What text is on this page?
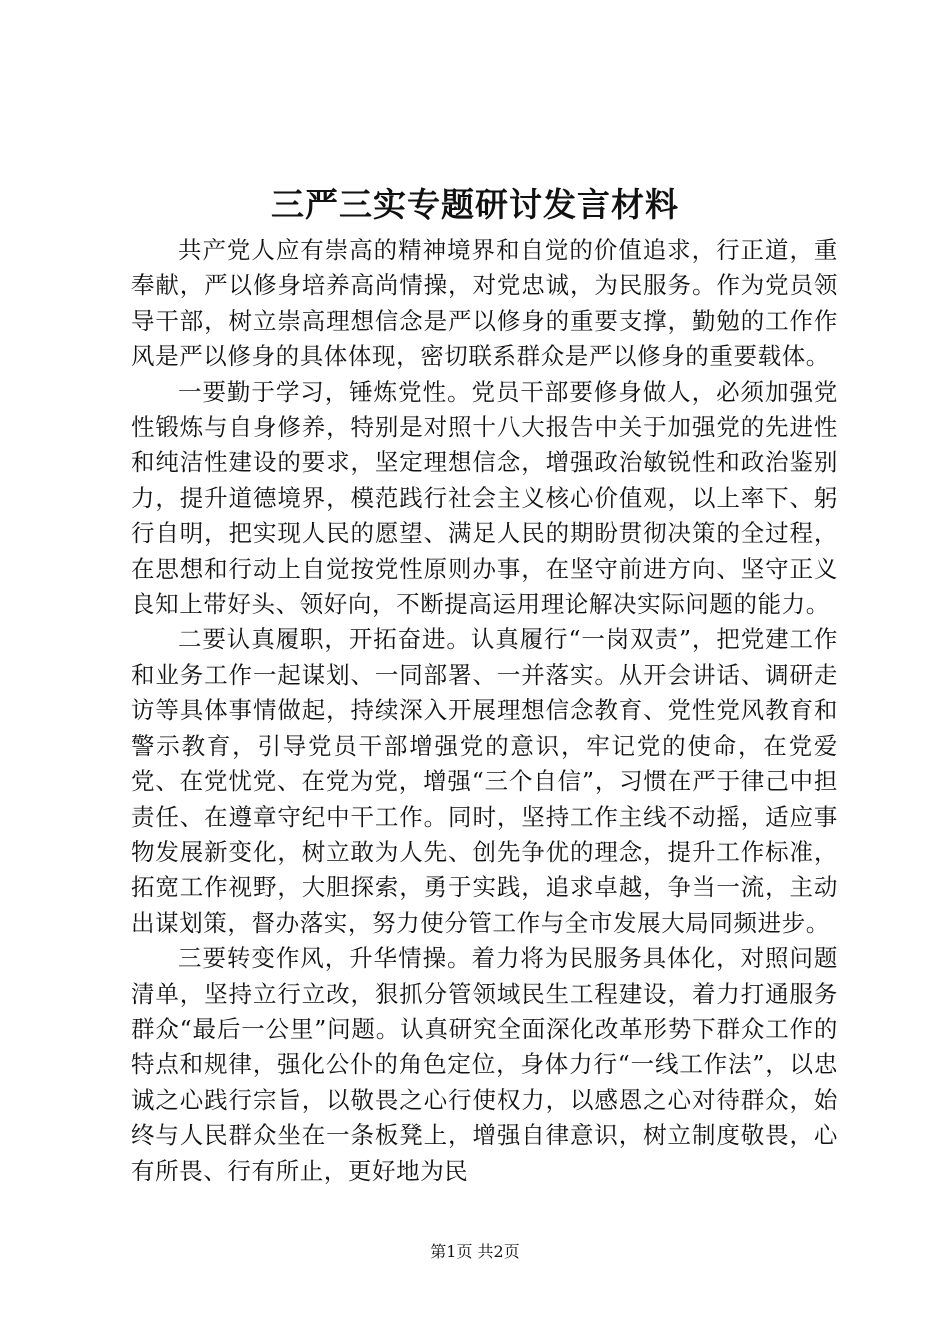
三严三实专题研讨发言材料

共产党人应有崇高的精神境界和自觉的价值追求，行正道，重奉献，严以修身培养高尚情操，对党忠诚，为民服务。作为党员领导干部，树立崇高理想信念是严以修身的重要支撑，勤勉的工作作风是严以修身的具体体现，密切联系群众是严以修身的重要载体。

一要勤于学习，锤炼党性。党员干部要修身做人，必须加强党性锻炼与自身修养，特别是对照十八大报告中关于加强党的先进性和纯洁性建设的要求，坚定理想信念，增强政治敏锐性和政治鉴别力，提升道德境界，模范践行社会主义核心价值观，以上率下、躬行自明，把实现人民的愿望、满足人民的期盼贯彻决策的全过程，在思想和行动上自觉按党性原则办事，在坚守前进方向、坚守正义良知上带好头、领好向，不断提高运用理论解决实际问题的能力。

二要认真履职，开拓奋进。认真履行“一岗双责”，把党建工作和业务工作一起谋划、一同部署、一并落实。从开会讲话、调研走访等具体事情做起，持续深入开展理想信念教育、党性党风教育和警示教育，引导党员干部增强党的意识，牢记党的使命，在党爱党、在党忧党、在党为党，增强“三个自信”，习惯在严于律己中担责任、在遵章守纪中干工作。同时，坚持工作主线不动摇，适应事物发展新变化，树立敢为人先、创先争优的理念，提升工作标准，拓宽工作视野，大胆探索，勇于实践，追求卓越，争当一流，主动出谋划策，督办落实，努力使分管工作与全市发展大局同频进步。

三要转变作风，升华情操。着力将为民服务具体化，对照问题清单，坚持立行立改，狠抓分管领域民生工程建设，着力打通服务群众“最后一公里”问题。认真研究全面深化改革形势下群众工作的特点和规律，强化公仆的角色定位，身体力行“一线工作法”，以忠诚之心践行宗旨，以敬畏之心行使权力，以感恩之心对待群众，始终与人民群众坐在一条板凳上，增强自律意识，树立制度敬畏，心有所畏、行有所止，更好地为民

第1页 共2页
